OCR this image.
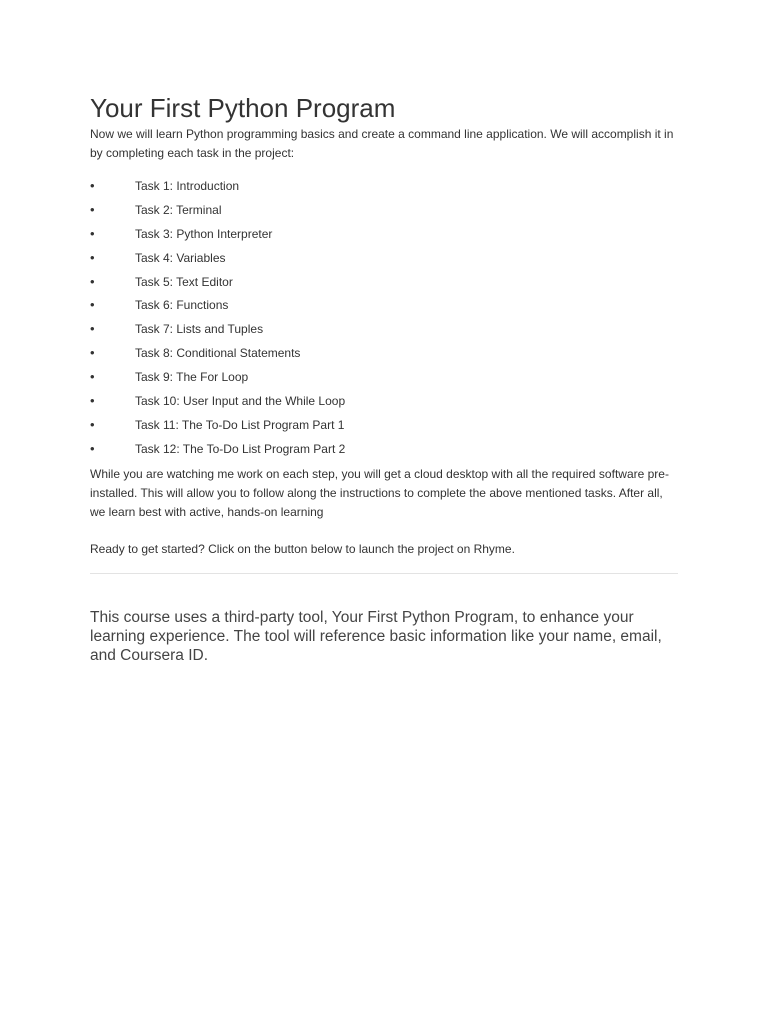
Your First Python Program

Now we will learn Python programming basics and create a command line application. We will accomplish it in by completing each task in the project:

•	Task 1: Introduction
•	Task 2: Terminal
•	Task 3: Python Interpreter
•	Task 4: Variables
•	Task 5: Text Editor
•	Task 6: Functions
•	Task 7: Lists and Tuples
•	Task 8: Conditional Statements
•	Task 9: The For Loop
•	Task 10: User Input and the While Loop
•	Task 11: The To-Do List Program Part 1
•	Task 12: The To-Do List Program Part 2

While you are watching me work on each step, you will get a cloud desktop with all the required software pre-installed. This will allow you to follow along the instructions to complete the above mentioned tasks. After all, we learn best with active, hands-on learning

Ready to get started? Click on the button below to launch the project on Rhyme.

This course uses a third-party tool, Your First Python Program, to enhance your learning experience. The tool will reference basic information like your name, email, and Coursera ID.
